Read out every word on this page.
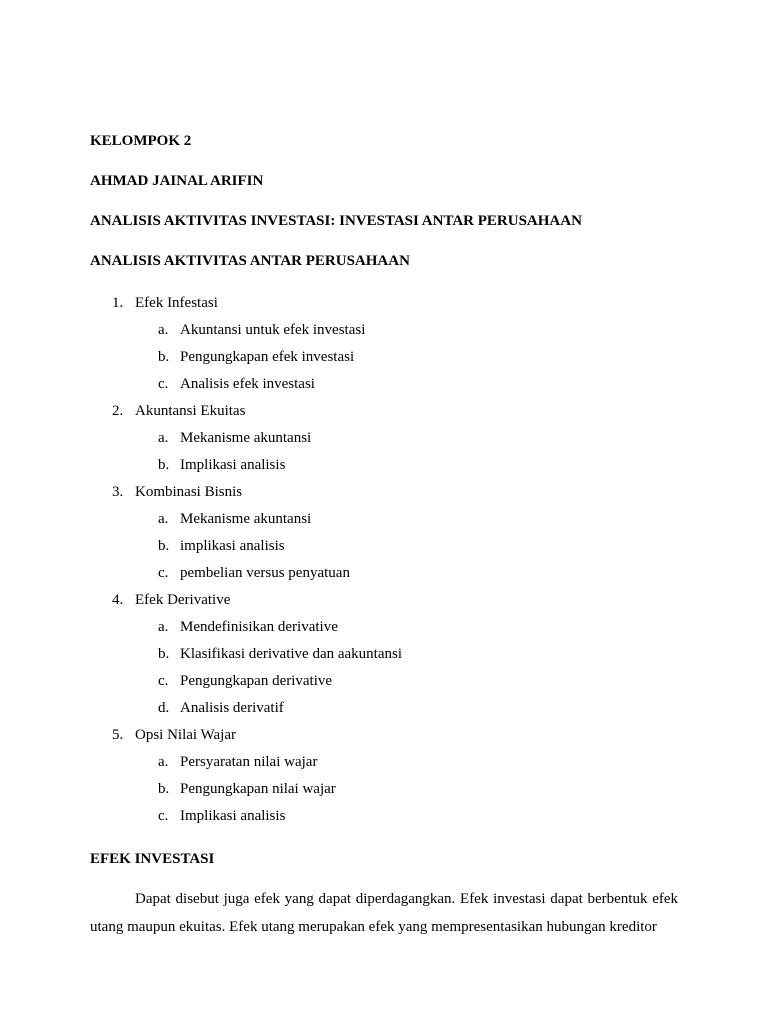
KELOMPOK 2
AHMAD JAINAL ARIFIN
ANALISIS AKTIVITAS INVESTASI: INVESTASI ANTAR PERUSAHAAN
ANALISIS AKTIVITAS ANTAR PERUSAHAAN
1. Efek Infestasi
a. Akuntansi untuk efek investasi
b. Pengungkapan efek investasi
c. Analisis efek investasi
2. Akuntansi Ekuitas
a. Mekanisme akuntansi
b. Implikasi analisis
3. Kombinasi Bisnis
a. Mekanisme akuntansi
b. implikasi analisis
c. pembelian versus penyatuan
4. Efek Derivative
a. Mendefinisikan derivative
b. Klasifikasi derivative dan aakuntansi
c. Pengungkapan derivative
d. Analisis derivatif
5. Opsi Nilai Wajar
a. Persyaratan nilai wajar
b. Pengungkapan nilai wajar
c. Implikasi analisis
EFEK INVESTASI

Dapat disebut juga efek yang dapat diperdagangkan. Efek investasi dapat berbentuk efek utang maupun ekuitas. Efek utang merupakan efek yang mempresentasikan hubungan kreditor
